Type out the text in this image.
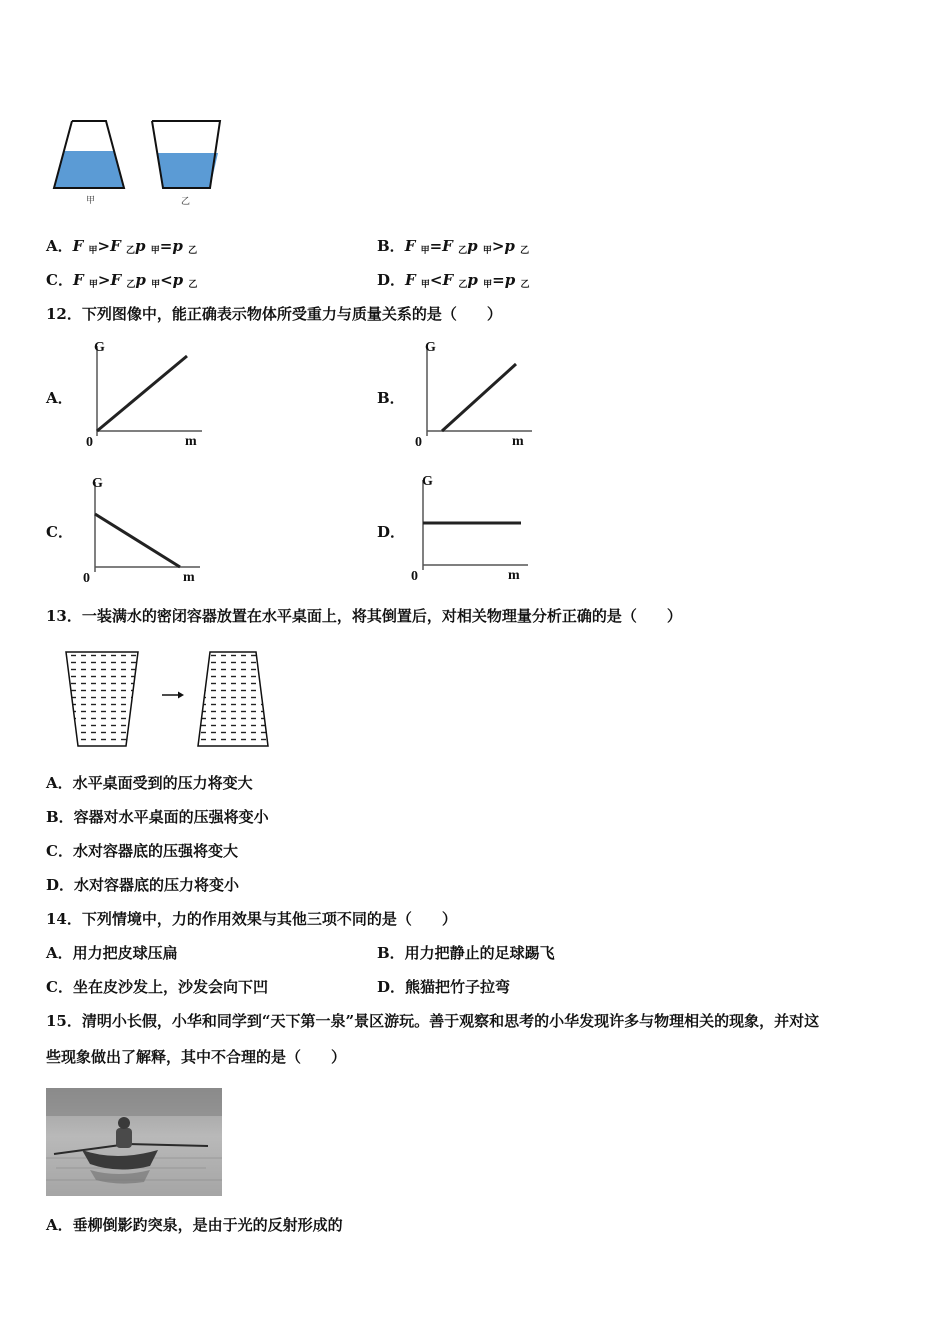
甲	乙
A．F $_甲$>F $_乙$p $_甲$=p $_乙$	B．F $_甲$=F $_乙$p $_甲$>p $_乙$
C．F $_甲$>F $_乙$p $_甲$<p $_乙$	D．F $_甲$<F $_乙$p $_甲$=p $_乙$
12．下列图像中，能正确表示物体所受重力与质量关系的是（　　）
A．
G
m
0
B．
G
m
0
C．
G
m
0
D．
G
m
0
13．一装满水的密闭容器放置在水平桌面上，将其倒置后，对相关物理量分析正确的是（　　）
A．水平桌面受到的压力将变大
B．容器对水平桌面的压强将变小
C．水对容器底的压强将变大
D．水对容器底的压力将变小
14．下列情境中，力的作用效果与其他三项不同的是（　　）
A．用力把皮球压扁	B．用力把静止的足球踢飞
C．坐在皮沙发上，沙发会向下凹	D．熊猫把竹子拉弯
15．清明小长假，小华和同学到“天下第一泉”景区游玩。善于观察和思考的小华发现许多与物理相关的现象，并对这
些现象做出了解释，其中不合理的是（　　）
A．垂柳倒影趵突泉，是由于光的反射形成的
